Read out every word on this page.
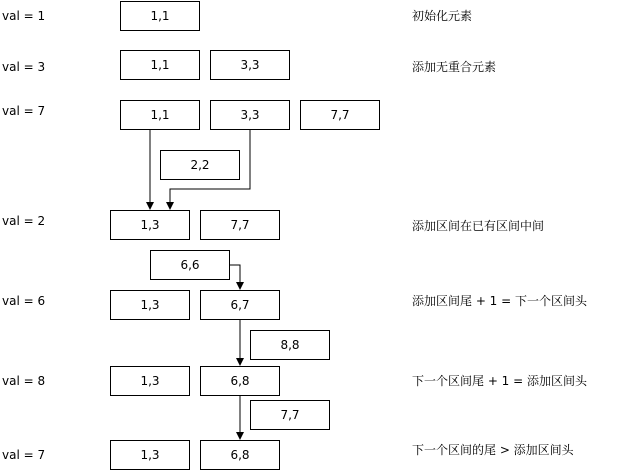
val = 1
val = 3
val = 7
val = 2
val = 6
val = 8
val = 7
初始化元素
添加无重合元素
添加区间在已有区间中间
添加区间尾 + 1 = 下一个区间头
下一个区间尾 + 1 = 添加区间头
下一个区间的尾 > 添加区间头
1,1
1,1	3,3
1,1	3,3	7,7
2,2
1,3	7,7
6,6
1,3	6,7
8,8
1,3	6,8
7,7
1,3	6,8
